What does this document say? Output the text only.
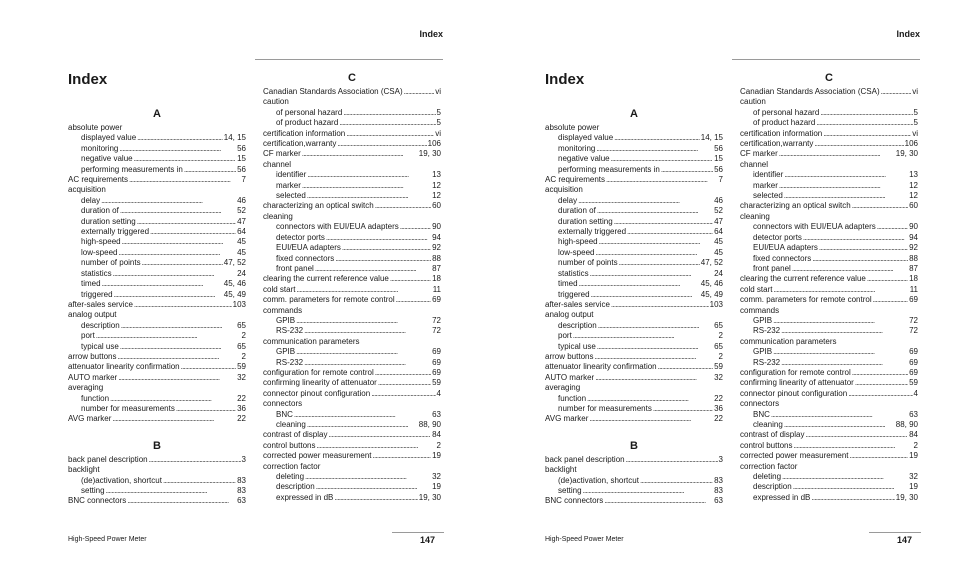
Index
Index
A
absolute power
displayed value . . .	14, 15
monitoring . . .	56
negative value . . .	15
performing measurements in . . .	56
AC requirements . . .	7
acquisition
delay . . .	46
duration of . . .	52
duration setting . . .	47
externally triggered . . .	64
high-speed . . .	45
low-speed . . .	45
number of points . . .	47, 52
statistics . . .	24
timed . . .	45, 46
triggered . . .	45, 49
after-sales service . . .	103
analog output
description . . .	65
port . . .	2
typical use . . .	65
arrow buttons . . .	2
attenuator linearity confirmation . . .	59
AUTO marker . . .	32
averaging
function . . .	22
number for measurements . . .	36
AVG marker . . .	22
B
back panel description . . .	3
backlight
(de)activation, shortcut . . .	83
setting . . .	83
BNC connectors . . .	63
C
Canadian Standards Association (CSA) . . .	vi
caution
of personal hazard . . .	5
of product hazard . . .	5
certification information . . .	vi
certification,warranty . . .	106
CF marker . . .	19, 30
channel
identifier . . .	13
marker . . .	12
selected . . .	12
characterizing an optical switch . . .	60
cleaning
connectors with EUI/EUA adapters . . .	90
detector ports . . .	94
EUI/EUA adapters . . .	92
fixed connectors . . .	88
front panel . . .	87
clearing the current reference value . . .	18
cold start . . .	11
comm. parameters for remote control . . .	69
commands
GPIB . . .	72
RS-232 . . .	72
communication parameters
GPIB . . .	69
RS-232 . . .	69
configuration for remote control . . .	69
confirming linearity of attenuator . . .	59
connector pinout configuration . . .	4
connectors
BNC . . .	63
cleaning . . .	88, 90
contrast of display . . .	84
control buttons . . .	2
corrected power measurement . . .	19
correction factor
deleting . . .	32
description . . .	19
expressed in dB . . .	19, 30
High-Speed Power Meter	147
Index
Index
A
absolute power
displayed value . . .	14, 15
monitoring . . .	56
negative value . . .	15
performing measurements in . . .	56
AC requirements . . .	7
acquisition
delay . . .	46
duration of . . .	52
duration setting . . .	47
externally triggered . . .	64
high-speed . . .	45
low-speed . . .	45
number of points . . .	47, 52
statistics . . .	24
timed . . .	45, 46
triggered . . .	45, 49
after-sales service . . .	103
analog output
description . . .	65
port . . .	2
typical use . . .	65
arrow buttons . . .	2
attenuator linearity confirmation . . .	59
AUTO marker . . .	32
averaging
function . . .	22
number for measurements . . .	36
AVG marker . . .	22
B
back panel description . . .	3
backlight
(de)activation, shortcut . . .	83
setting . . .	83
BNC connectors . . .	63
C
Canadian Standards Association (CSA) . . .	vi
caution
of personal hazard . . .	5
of product hazard . . .	5
certification information . . .	vi
certification,warranty . . .	106
CF marker . . .	19, 30
channel
identifier . . .	13
marker . . .	12
selected . . .	12
characterizing an optical switch . . .	60
cleaning
connectors with EUI/EUA adapters . . .	90
detector ports . . .	94
EUI/EUA adapters . . .	92
fixed connectors . . .	88
front panel . . .	87
clearing the current reference value . . .	18
cold start . . .	11
comm. parameters for remote control . . .	69
commands
GPIB . . .	72
RS-232 . . .	72
communication parameters
GPIB . . .	69
RS-232 . . .	69
configuration for remote control . . .	69
confirming linearity of attenuator . . .	59
connector pinout configuration . . .	4
connectors
BNC . . .	63
cleaning . . .	88, 90
contrast of display . . .	84
control buttons . . .	2
corrected power measurement . . .	19
correction factor
deleting . . .	32
description . . .	19
expressed in dB . . .	19, 30
High-Speed Power Meter	147
